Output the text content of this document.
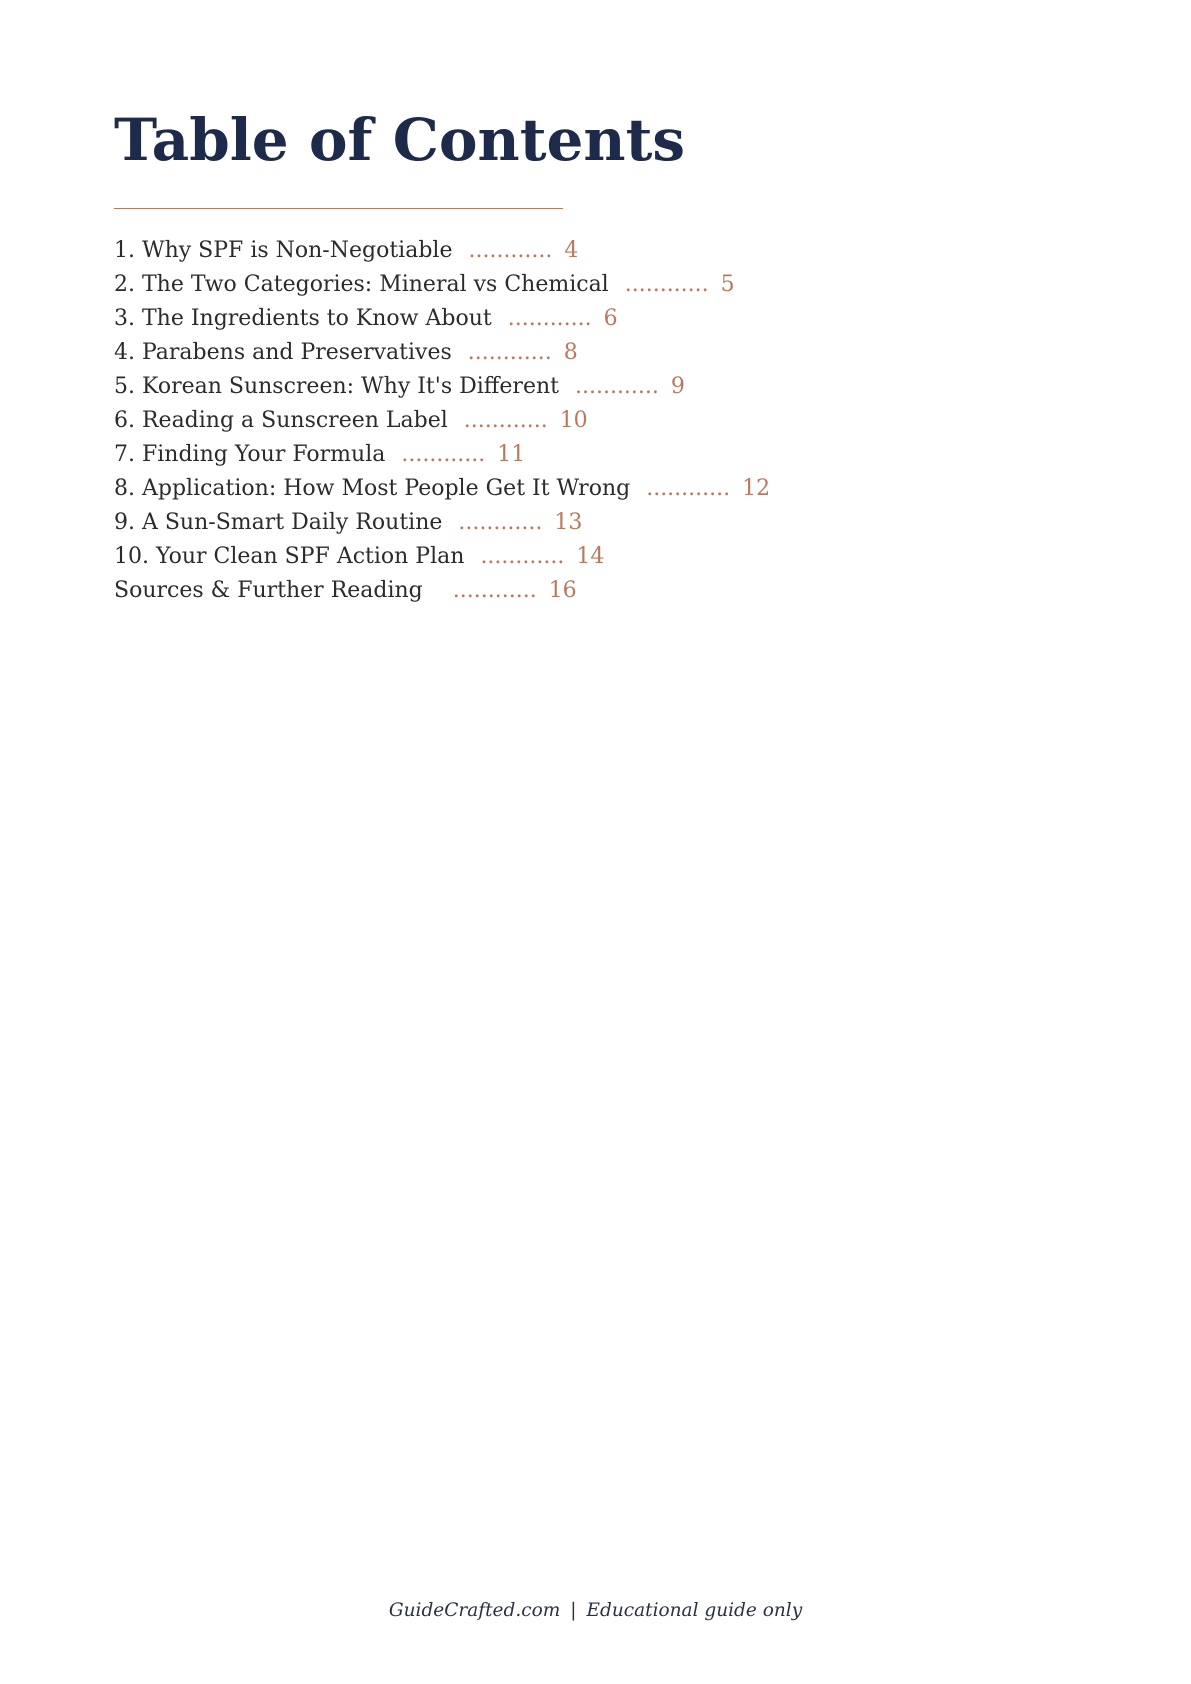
Table of Contents
1. Why SPF is Non-Negotiable ............ 4
2. The Two Categories: Mineral vs Chemical ............ 5
3. The Ingredients to Know About ............ 6
4. Parabens and Preservatives ............ 8
5. Korean Sunscreen: Why It's Different ............ 9
6. Reading a Sunscreen Label ............ 10
7. Finding Your Formula ............ 11
8. Application: How Most People Get It Wrong ............ 12
9. A Sun-Smart Daily Routine ............ 13
10. Your Clean SPF Action Plan ............ 14
Sources & Further Reading ............ 16
GuideCrafted.com | Educational guide only
